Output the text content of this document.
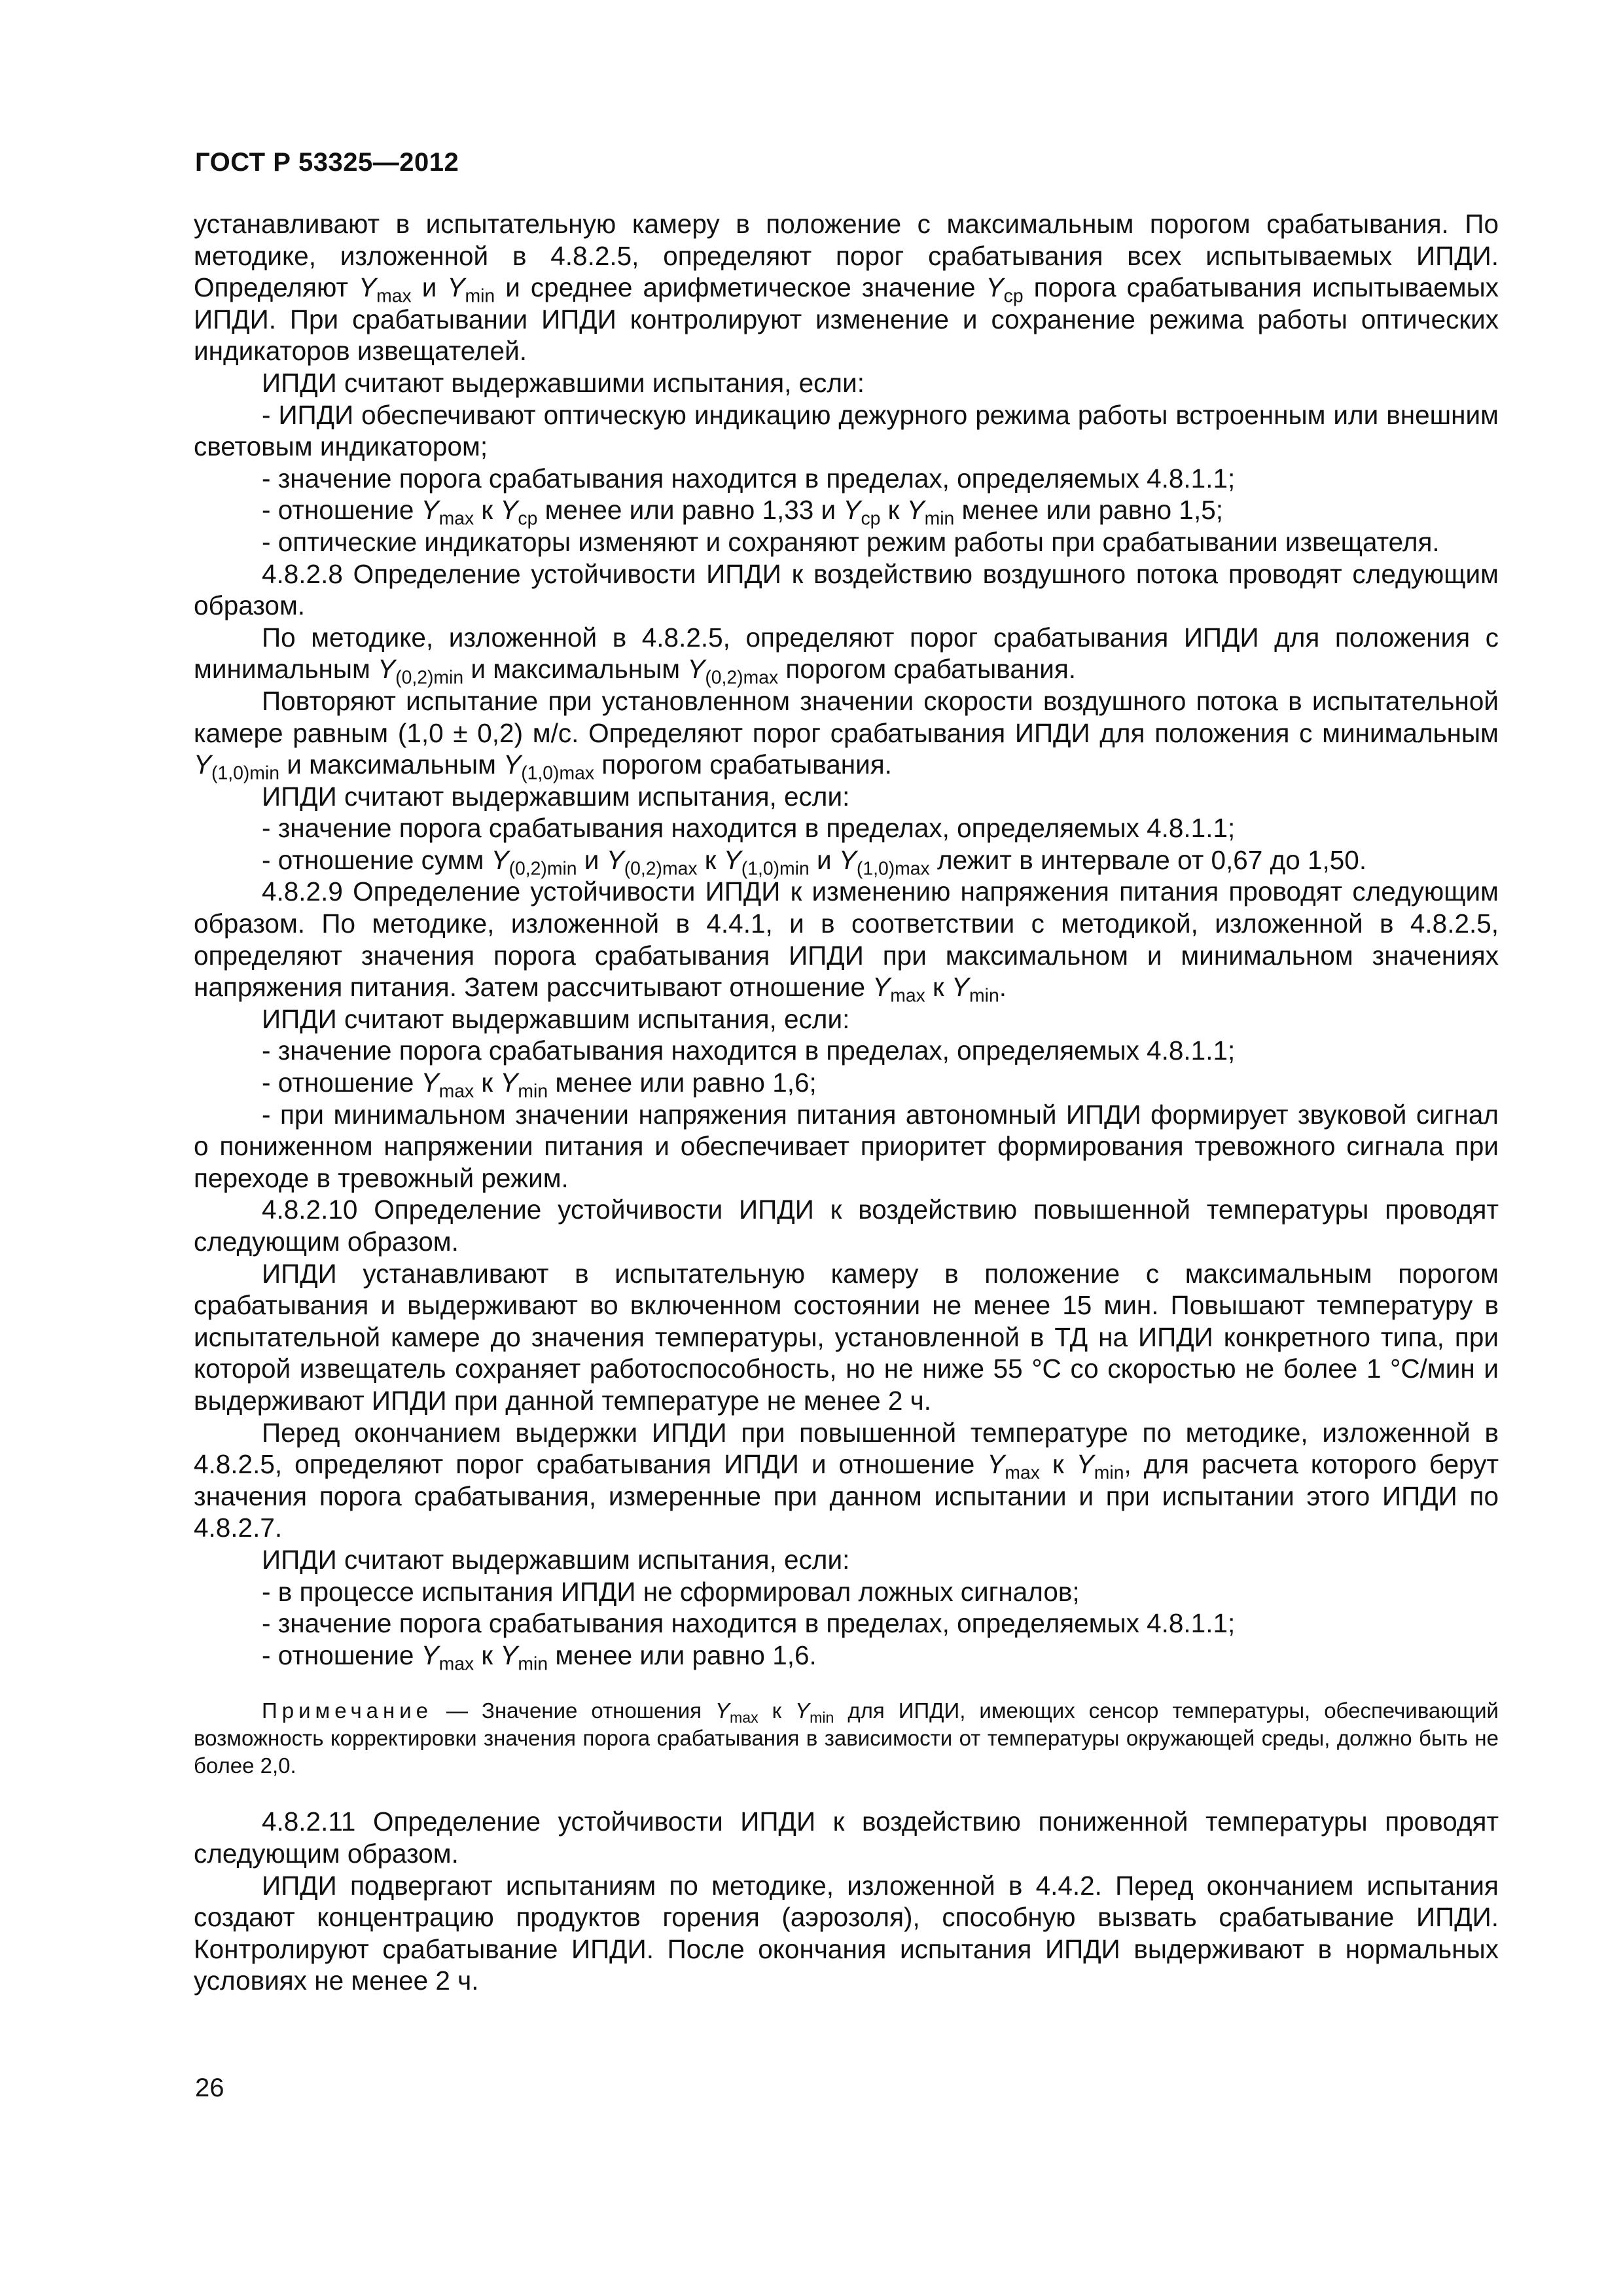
ГОСТ Р 53325—2012

устанавливают в испытательную камеру в положение с максимальным порогом срабатывания. По методике, изложенной в 4.8.2.5, определяют порог срабатывания всех испытываемых ИПДИ. Определяют $Y_{max}$ и $Y_{min}$ и среднее арифметическое значение $Y_{ср}$ порога срабатывания испытываемых ИПДИ. При срабатывании ИПДИ контролируют изменение и сохранение режима работы оптических индикаторов извещателей.

ИПДИ считают выдержавшими испытания, если:

- ИПДИ обеспечивают оптическую индикацию дежурного режима работы встроенным или внешним световым индикатором;

- значение порога срабатывания находится в пределах, определяемых 4.8.1.1;

- отношение $Y_{max}$ к $Y_{ср}$ менее или равно 1,33 и $Y_{ср}$ к $Y_{min}$ менее или равно 1,5;

- оптические индикаторы изменяют и сохраняют режим работы при срабатывании извещателя.

4.8.2.8 Определение устойчивости ИПДИ к воздействию воздушного потока проводят следующим образом.

По методике, изложенной в 4.8.2.5, определяют порог срабатывания ИПДИ для положения с минимальным $Y_{(0,2)min}$ и максимальным $Y_{(0,2)max}$ порогом срабатывания.

Повторяют испытание при установленном значении скорости воздушного потока в испытательной камере равным (1,0 ± 0,2) м/с. Определяют порог срабатывания ИПДИ для положения с минимальным $Y_{(1,0)min}$ и максимальным $Y_{(1,0)max}$ порогом срабатывания.

ИПДИ считают выдержавшим испытания, если:

- значение порога срабатывания находится в пределах, определяемых 4.8.1.1;

- отношение сумм $Y_{(0,2)min}$ и $Y_{(0,2)max}$ к $Y_{(1,0)min}$ и $Y_{(1,0)max}$ лежит в интервале от 0,67 до 1,50.

4.8.2.9 Определение устойчивости ИПДИ к изменению напряжения питания проводят следующим образом. По методике, изложенной в 4.4.1, и в соответствии с методикой, изложенной в 4.8.2.5, определяют значения порога срабатывания ИПДИ при максимальном и минимальном значениях напряжения питания. Затем рассчитывают отношение $Y_{max}$ к $Y_{min}$.

ИПДИ считают выдержавшим испытания, если:

- значение порога срабатывания находится в пределах, определяемых 4.8.1.1;

- отношение $Y_{max}$ к $Y_{min}$ менее или равно 1,6;

- при минимальном значении напряжения питания автономный ИПДИ формирует звуковой сигнал о пониженном напряжении питания и обеспечивает приоритет формирования тревожного сигнала при переходе в тревожный режим.

4.8.2.10 Определение устойчивости ИПДИ к воздействию повышенной температуры проводят следующим образом.

ИПДИ устанавливают в испытательную камеру в положение с максимальным порогом срабатывания и выдерживают во включенном состоянии не менее 15 мин. Повышают температуру в испытательной камере до значения температуры, установленной в ТД на ИПДИ конкретного типа, при которой извещатель сохраняет работоспособность, но не ниже 55 °С со скоростью не более 1 °С/мин и выдерживают ИПДИ при данной температуре не менее 2 ч.

Перед окончанием выдержки ИПДИ при повышенной температуре по методике, изложенной в 4.8.2.5, определяют порог срабатывания ИПДИ и отношение $Y_{max}$ к $Y_{min}$, для расчета которого берут значения порога срабатывания, измеренные при данном испытании и при испытании этого ИПДИ по 4.8.2.7.

ИПДИ считают выдержавшим испытания, если:

- в процессе испытания ИПДИ не сформировал ложных сигналов;

- значение порога срабатывания находится в пределах, определяемых 4.8.1.1;

- отношение $Y_{max}$ к $Y_{min}$ менее или равно 1,6.

Примечание — Значение отношения $Y_{max}$ к $Y_{min}$ для ИПДИ, имеющих сенсор температуры, обеспечивающий возможность корректировки значения порога срабатывания в зависимости от температуры окружающей среды, должно быть не более 2,0.

4.8.2.11 Определение устойчивости ИПДИ к воздействию пониженной температуры проводят следующим образом.

ИПДИ подвергают испытаниям по методике, изложенной в 4.4.2. Перед окончанием испытания создают концентрацию продуктов горения (аэрозоля), способную вызвать срабатывание ИПДИ. Контролируют срабатывание ИПДИ. После окончания испытания ИПДИ выдерживают в нормальных условиях не менее 2 ч.

26
